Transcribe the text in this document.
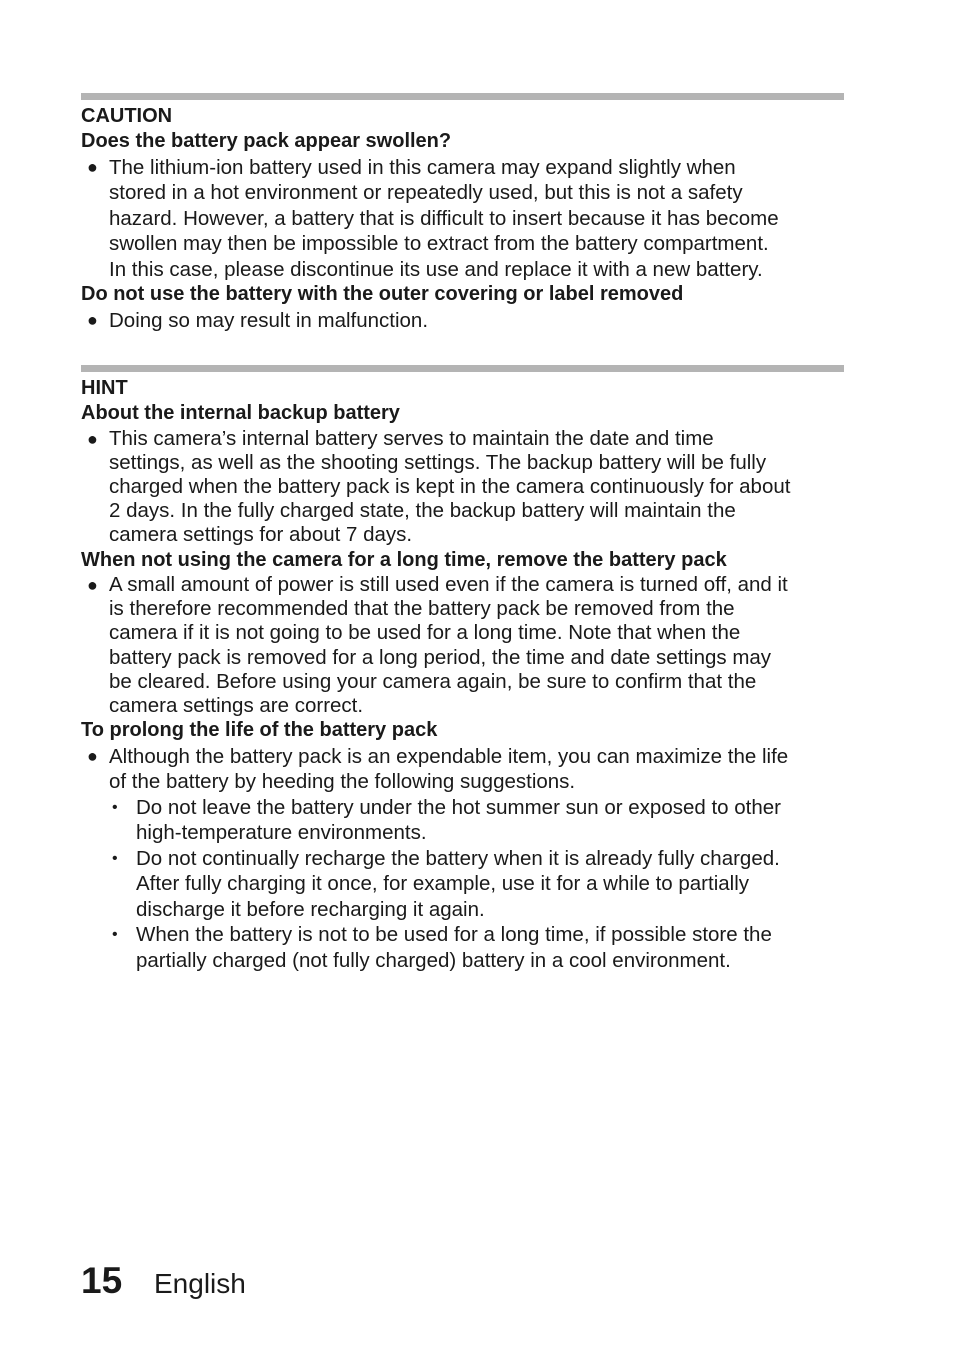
CAUTION
Does the battery pack appear swollen?
● The lithium-ion battery used in this camera may expand slightly when
stored in a hot environment or repeatedly used, but this is not a safety
hazard. However, a battery that is difficult to insert because it has become
swollen may then be impossible to extract from the battery compartment.
In this case, please discontinue its use and replace it with a new battery.
Do not use the battery with the outer covering or label removed
● Doing so may result in malfunction.
HINT
About the internal backup battery
● This camera’s internal battery serves to maintain the date and time
settings, as well as the shooting settings. The backup battery will be fully
charged when the battery pack is kept in the camera continuously for about
2 days. In the fully charged state, the backup battery will maintain the
camera settings for about 7 days.
When not using the camera for a long time, remove the battery pack
● A small amount of power is still used even if the camera is turned off, and it
is therefore recommended that the battery pack be removed from the
camera if it is not going to be used for a long time. Note that when the
battery pack is removed for a long period, the time and date settings may
be cleared. Before using your camera again, be sure to confirm that the
camera settings are correct.
To prolong the life of the battery pack
● Although the battery pack is an expendable item, you can maximize the life
of the battery by heeding the following suggestions.
• Do not leave the battery under the hot summer sun or exposed to other
high-temperature environments.
• Do not continually recharge the battery when it is already fully charged.
After fully charging it once, for example, use it for a while to partially
discharge it before recharging it again.
• When the battery is not to be used for a long time, if possible store the
partially charged (not fully charged) battery in a cool environment.
15 English
